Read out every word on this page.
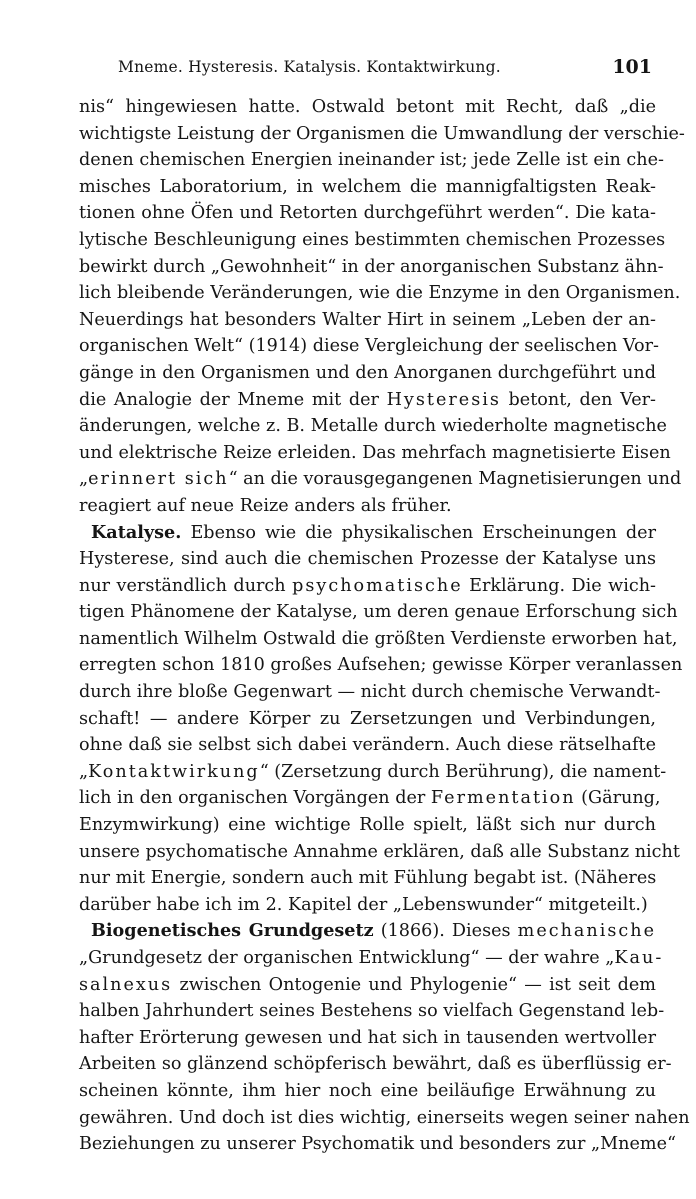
Mneme. Hysteresis. Katalysis. Kontaktwirkung.	101
nis“ hingewiesen hatte. Ostwald betont mit Recht, daß „die
wichtigste Leistung der Organismen die Umwandlung der verschie-
denen chemischen Energien ineinander ist; jede Zelle ist ein che-
misches Laboratorium, in welchem die mannigfaltigsten Reak-
tionen ohne Öfen und Retorten durchgeführt werden“. Die kata-
lytische Beschleunigung eines bestimmten chemischen Prozesses
bewirkt durch „Gewohnheit“ in der anorganischen Substanz ähn-
lich bleibende Veränderungen, wie die Enzyme in den Organismen.
Neuerdings hat besonders Walter Hirt in seinem „Leben der an-
organischen Welt“ (1914) diese Vergleichung der seelischen Vor-
gänge in den Organismen und den Anorganen durchgeführt und
die Analogie der Mneme mit der Hysteresis betont, den Ver-
änderungen, welche z. B. Metalle durch wiederholte magnetische
und elektrische Reize erleiden. Das mehrfach magnetisierte Eisen
„erinnert sich“ an die vorausgegangenen Magnetisierungen und
reagiert auf neue Reize anders als früher.
Katalyse. Ebenso wie die physikalischen Erscheinungen der
Hysterese, sind auch die chemischen Prozesse der Katalyse uns
nur verständlich durch psychomatische Erklärung. Die wich-
tigen Phänomene der Katalyse, um deren genaue Erforschung sich
namentlich Wilhelm Ostwald die größten Verdienste erworben hat,
erregten schon 1810 großes Aufsehen; gewisse Körper veranlassen
durch ihre bloße Gegenwart — nicht durch chemische Verwandt-
schaft! — andere Körper zu Zersetzungen und Verbindungen,
ohne daß sie selbst sich dabei verändern. Auch diese rätselhafte
„Kontaktwirkung“ (Zersetzung durch Berührung), die nament-
lich in den organischen Vorgängen der Fermentation (Gärung,
Enzymwirkung) eine wichtige Rolle spielt, läßt sich nur durch
unsere psychomatische Annahme erklären, daß alle Substanz nicht
nur mit Energie, sondern auch mit Fühlung begabt ist. (Näheres
darüber habe ich im 2. Kapitel der „Lebenswunder“ mitgeteilt.)
Biogenetisches Grundgesetz (1866). Dieses mechanische
„Grundgesetz der organischen Entwicklung“ — der wahre „Kau-
salnexus zwischen Ontogenie und Phylogenie“ — ist seit dem
halben Jahrhundert seines Bestehens so vielfach Gegenstand leb-
hafter Erörterung gewesen und hat sich in tausenden wertvoller
Arbeiten so glänzend schöpferisch bewährt, daß es überflüssig er-
scheinen könnte, ihm hier noch eine beiläufige Erwähnung zu
gewähren. Und doch ist dies wichtig, einerseits wegen seiner nahen
Beziehungen zu unserer Psychomatik und besonders zur „Mneme“
